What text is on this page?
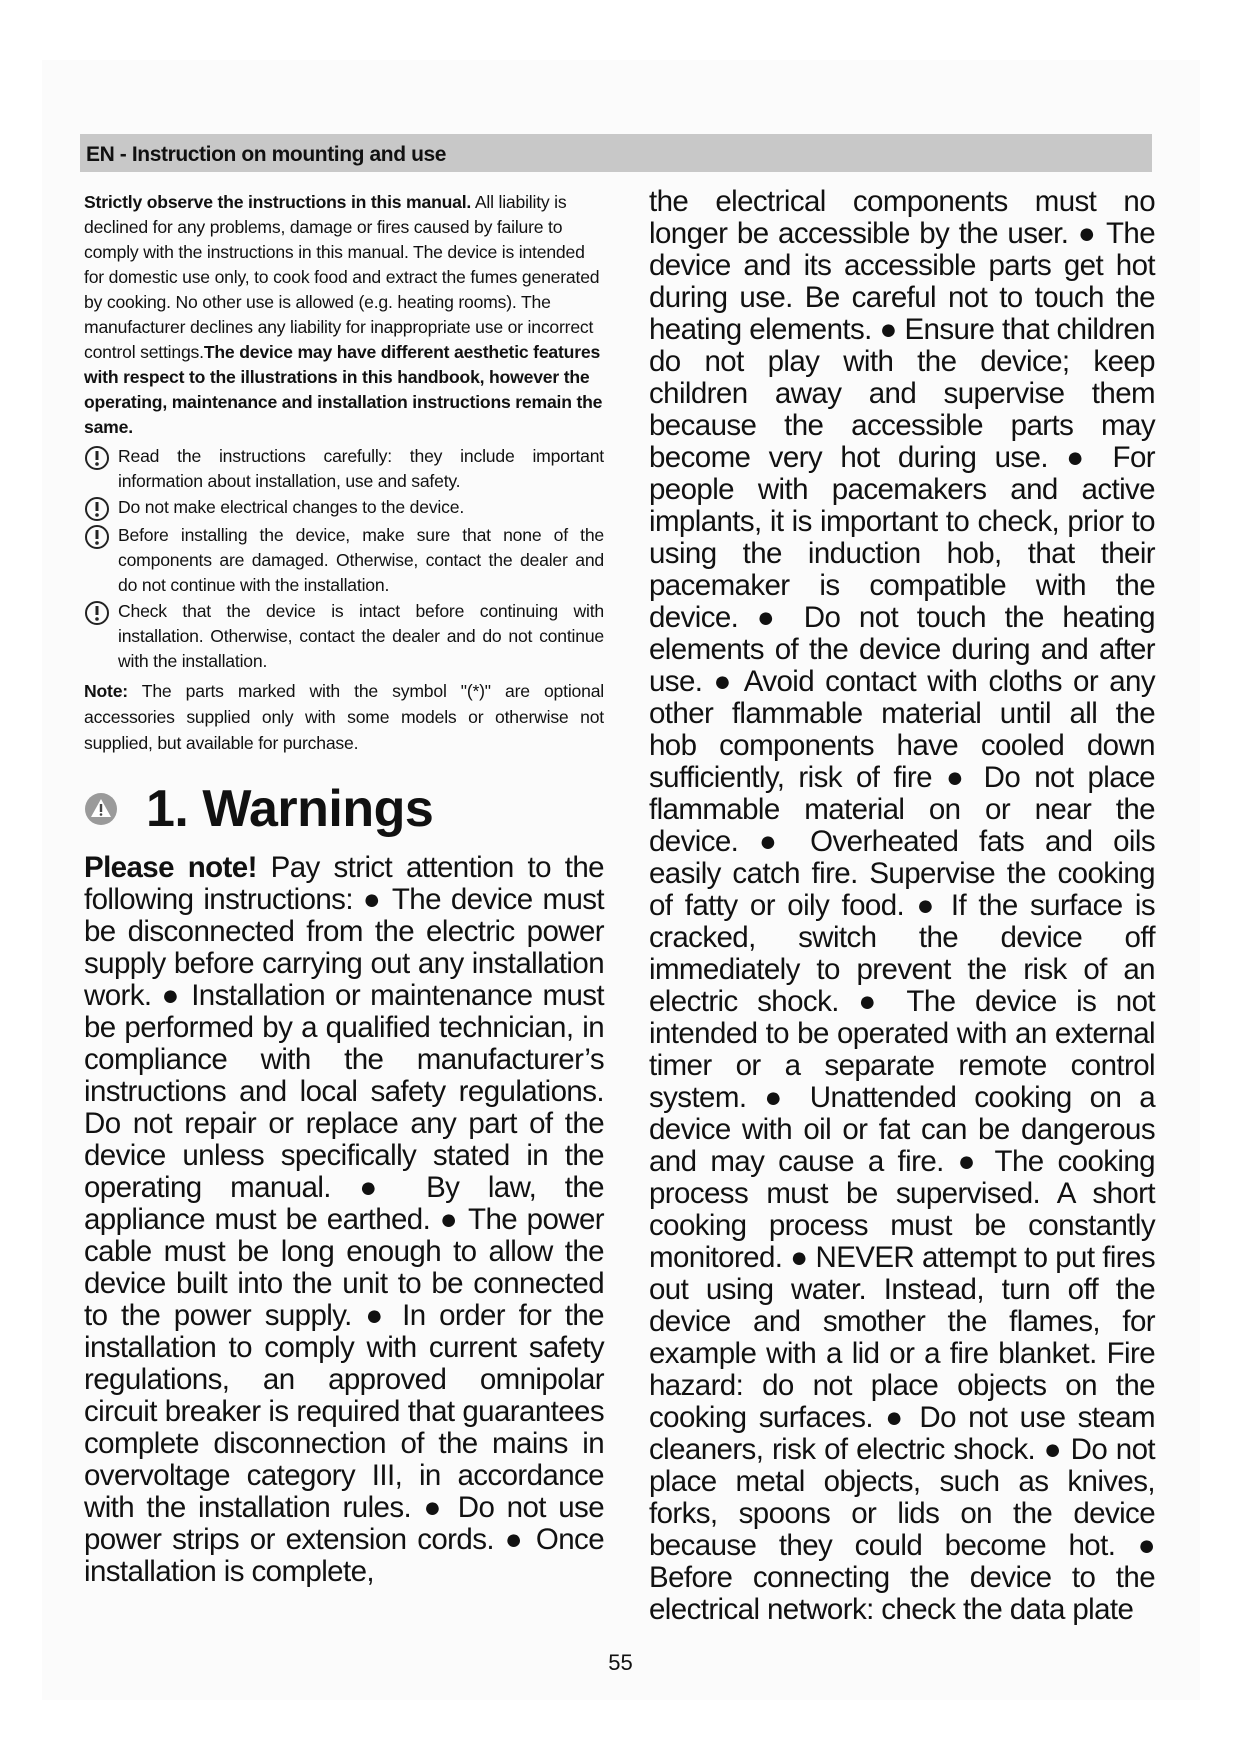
EN - Instruction on mounting and use
Strictly observe the instructions in this manual. All liability is declined for any problems, damage or fires caused by failure to comply with the instructions in this manual. The device is intended for domestic use only, to cook food and extract the fumes generated by cooking. No other use is allowed (e.g. heating rooms). The manufacturer declines any liability for inappropriate use or incorrect control settings.The device may have different aesthetic features with respect to the illustrations in this handbook, however the operating, maintenance and installation instructions remain the same.
Read the instructions carefully: they include important information about installation, use and safety.
Do not make electrical changes to the device.
Before installing the device, make sure that none of the components are damaged. Otherwise, contact the dealer and do not continue with the installation.
Check that the device is intact before continuing with installation. Otherwise, contact the dealer and do not continue with the installation.
Note: The parts marked with the symbol "(*)" are optional accessories supplied only with some models or otherwise not supplied, but available for purchase.
1. Warnings
Please note! Pay strict attention to the following instructions: ● The device must be disconnected from the electric power supply before carrying out any installation work. ● Installation or maintenance must be performed by a qualified technician, in compliance with the manufacturer’s instructions and local safety regulations. Do not repair or replace any part of the device unless specifically stated in the operating manual. ● By law, the appliance must be earthed. ● The power cable must be long enough to allow the device built into the unit to be connected to the power supply. ● In order for the installation to comply with current safety regulations, an approved omnipolar circuit breaker is required that guarantees complete disconnection of the mains in overvoltage category III, in accordance with the installation rules. ● Do not use power strips or extension cords. ● Once installation is complete,
the electrical components must no longer be accessible by the user. ● The device and its accessible parts get hot during use. Be careful not to touch the heating elements. ● Ensure that children do not play with the device; keep children away and supervise them because the accessible parts may become very hot during use. ● For people with pacemakers and active implants, it is important to check, prior to using the induction hob, that their pacemaker is compatible with the device. ● Do not touch the heating elements of the device during and after use. ● Avoid contact with cloths or any other flammable material until all the hob components have cooled down sufficiently, risk of fire ● Do not place flammable material on or near the device. ● Overheated fats and oils easily catch fire. Supervise the cooking of fatty or oily food. ● If the surface is cracked, switch the device off immediately to prevent the risk of an electric shock. ● The device is not intended to be operated with an external timer or a separate remote control system. ● Unattended cooking on a device with oil or fat can be dangerous and may cause a fire. ● The cooking process must be supervised. A short cooking process must be constantly monitored. ● NEVER attempt to put fires out using water. Instead, turn off the device and smother the flames, for example with a lid or a fire blanket. Fire hazard: do not place objects on the cooking surfaces. ● Do not use steam cleaners, risk of electric shock. ● Do not place metal objects, such as knives, forks, spoons or lids on the device because they could become hot. ● Before connecting the device to the electrical network: check the data plate
55
